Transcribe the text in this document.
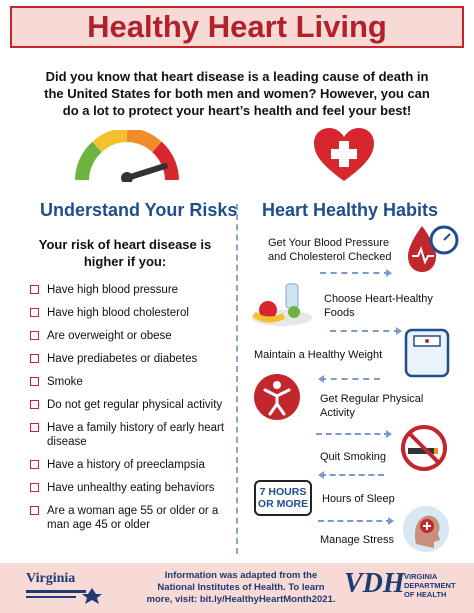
Healthy Heart Living
Did you know that heart disease is a leading cause of death in the United States for both men and women? However, you can do a lot to protect your heart’s health and feel your best!
Understand Your Risks Heart Healthy Habits
Your risk of heart disease is higher if you:
Have high blood pressure
Have high blood cholesterol
Are overweight or obese
Have prediabetes or diabetes
Smoke
Do not get regular physical activity
Have a family history of early heart disease
Have a history of preeclampsia
Have unhealthy eating behaviors
Are a woman age 55 or older or a man age 45 or older
Get Your Blood Pressure and Cholesterol Checked
Choose Heart-Healthy Foods
Maintain a Healthy Weight
Get Regular Physical Activity
Quit Smoking
7 HOURS
OR MORE Hours of Sleep
Manage Stress
Virginia	Information was adapted from the National Institutes of Health. To learn more, visit: bit.ly/HealthyHeartMonth2021.
VDH VIRGINIA DEPARTMENT OF HEALTH
